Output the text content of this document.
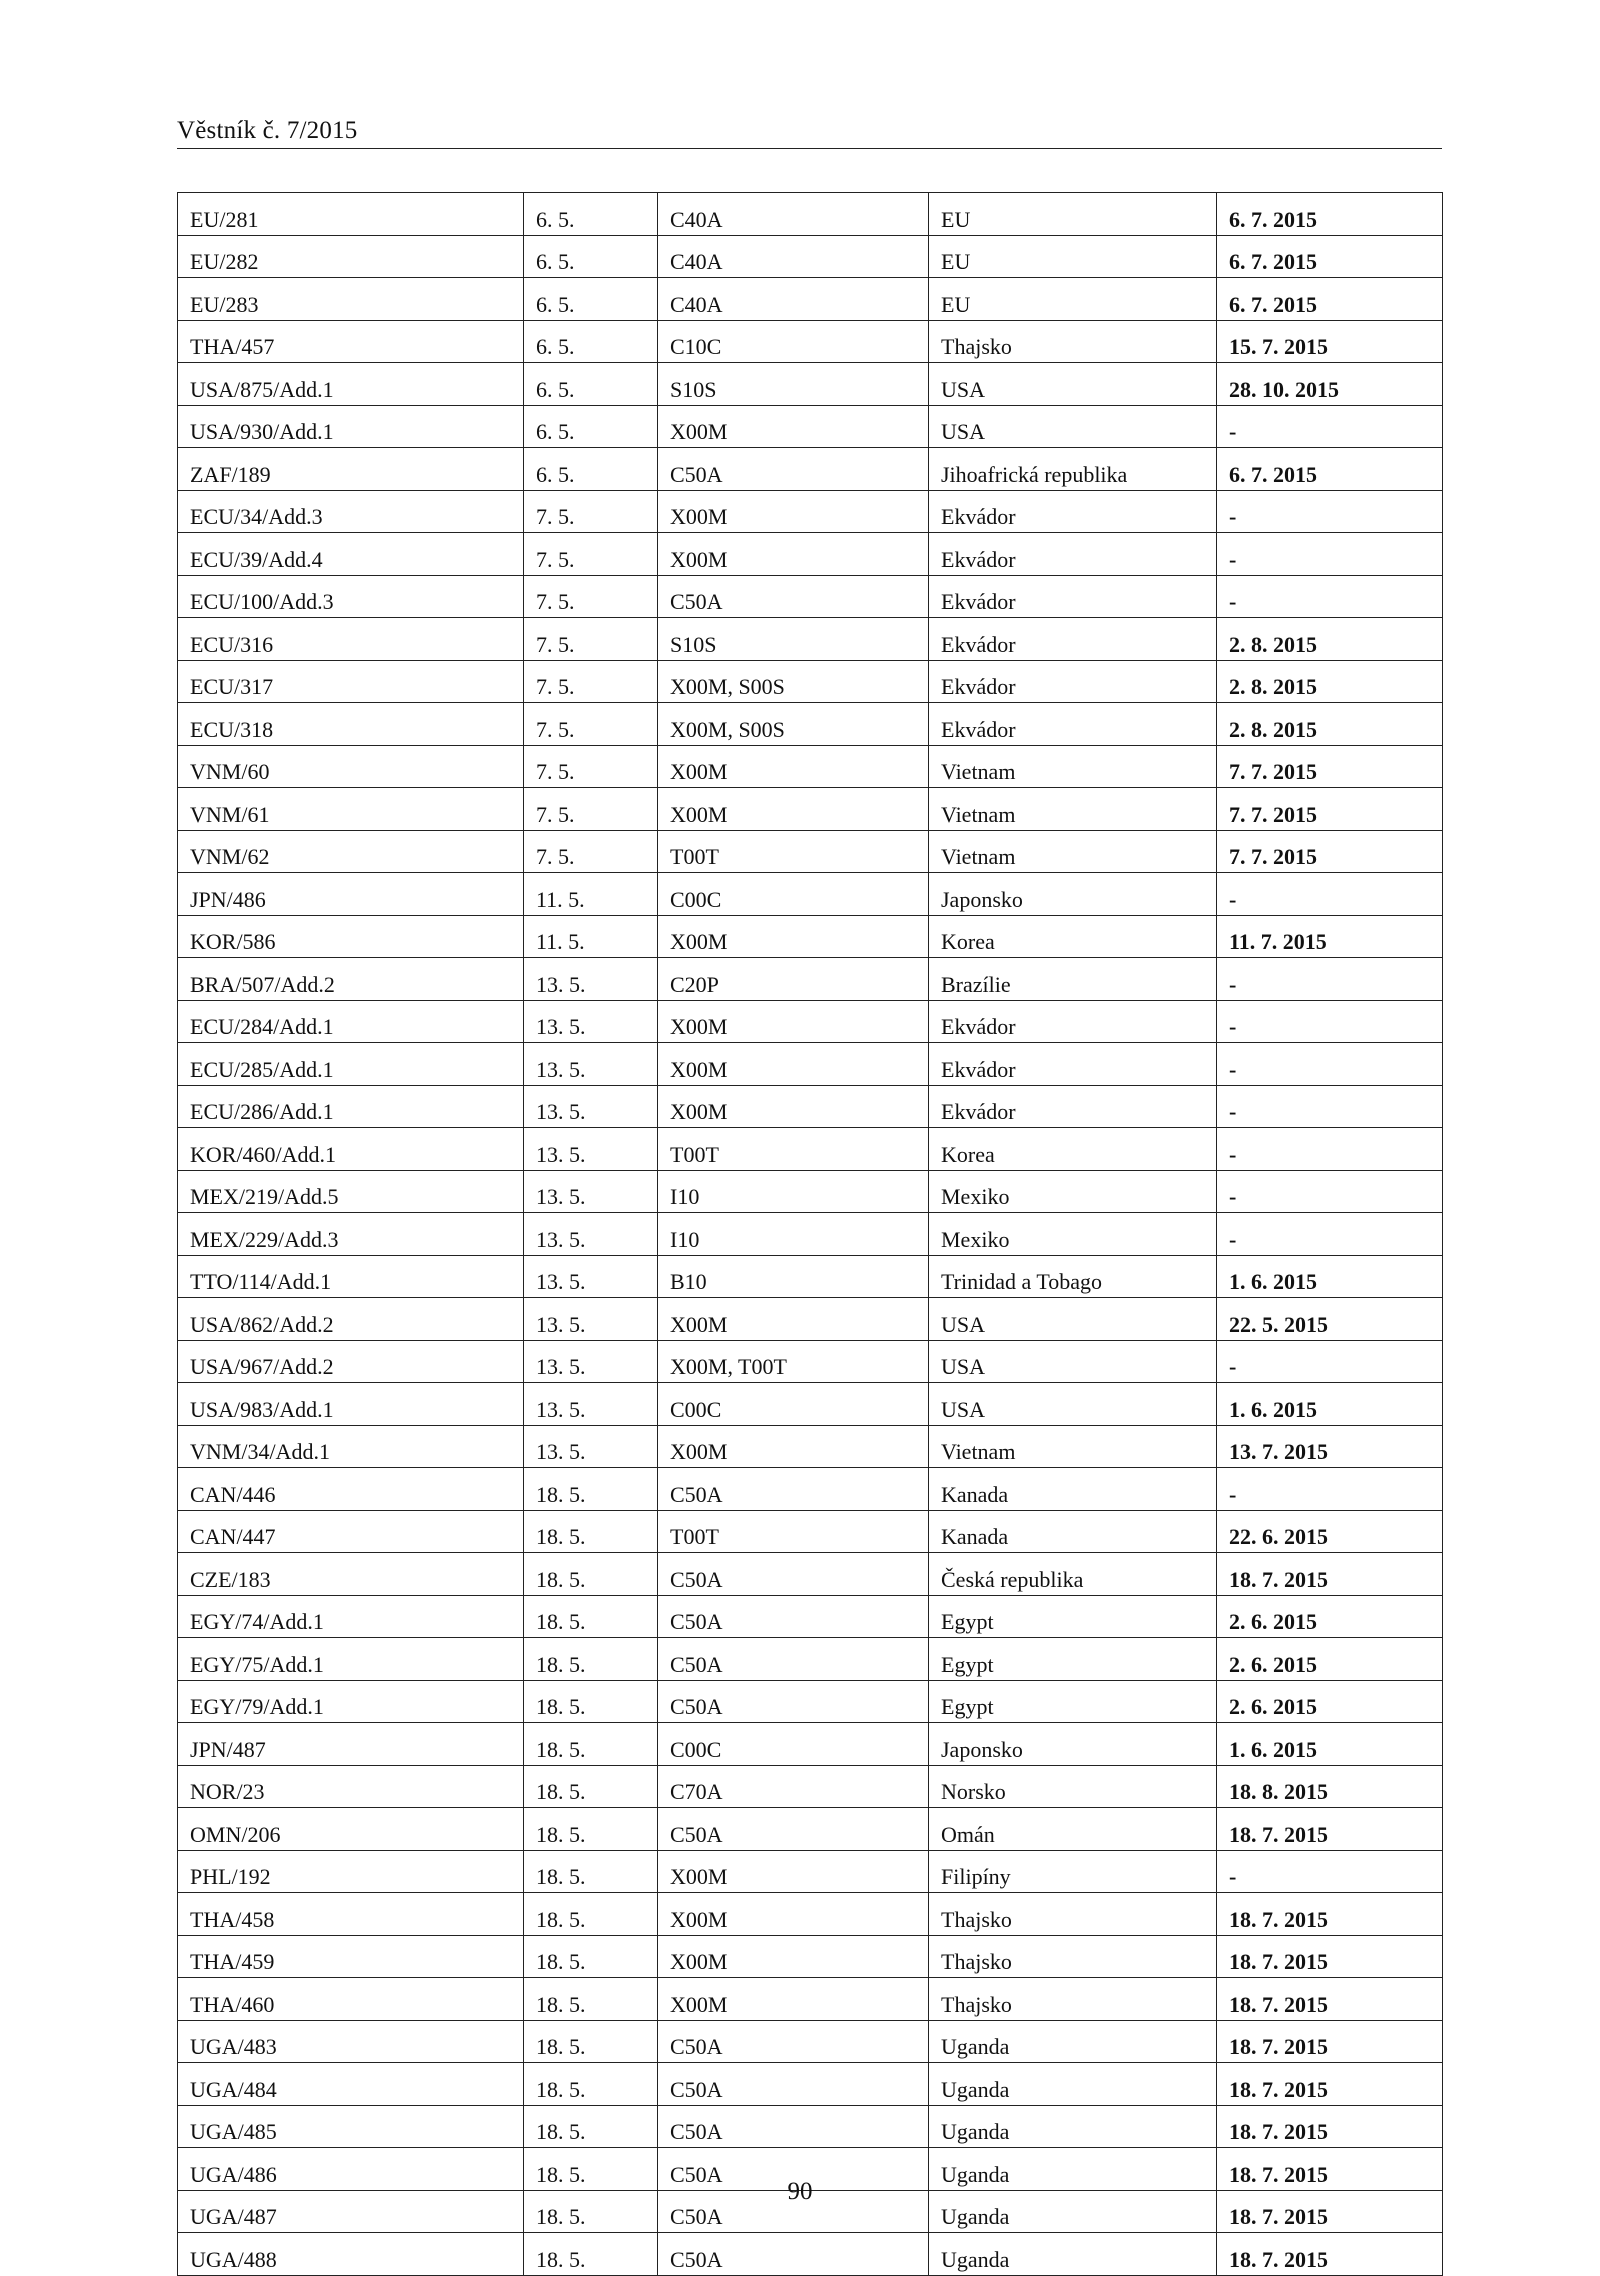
Věstník č. 7/2015
EU/281	6. 5.	C40A	EU	6. 7. 2015
EU/282	6. 5.	C40A	EU	6. 7. 2015
EU/283	6. 5.	C40A	EU	6. 7. 2015
THA/457	6. 5.	C10C	Thajsko	15. 7. 2015
USA/875/Add.1	6. 5.	S10S	USA	28. 10. 2015
USA/930/Add.1	6. 5.	X00M	USA	-
ZAF/189	6. 5.	C50A	Jihoafrická republika	6. 7. 2015
ECU/34/Add.3	7. 5.	X00M	Ekvádor	-
ECU/39/Add.4	7. 5.	X00M	Ekvádor	-
ECU/100/Add.3	7. 5.	C50A	Ekvádor	-
ECU/316	7. 5.	S10S	Ekvádor	2. 8. 2015
ECU/317	7. 5.	X00M, S00S	Ekvádor	2. 8. 2015
ECU/318	7. 5.	X00M, S00S	Ekvádor	2. 8. 2015
VNM/60	7. 5.	X00M	Vietnam	7. 7. 2015
VNM/61	7. 5.	X00M	Vietnam	7. 7. 2015
VNM/62	7. 5.	T00T	Vietnam	7. 7. 2015
JPN/486	11. 5.	C00C	Japonsko	-
KOR/586	11. 5.	X00M	Korea	11. 7. 2015
BRA/507/Add.2	13. 5.	C20P	Brazílie	-
ECU/284/Add.1	13. 5.	X00M	Ekvádor	-
ECU/285/Add.1	13. 5.	X00M	Ekvádor	-
ECU/286/Add.1	13. 5.	X00M	Ekvádor	-
KOR/460/Add.1	13. 5.	T00T	Korea	-
MEX/219/Add.5	13. 5.	I10	Mexiko	-
MEX/229/Add.3	13. 5.	I10	Mexiko	-
TTO/114/Add.1	13. 5.	B10	Trinidad a Tobago	1. 6. 2015
USA/862/Add.2	13. 5.	X00M	USA	22. 5. 2015
USA/967/Add.2	13. 5.	X00M, T00T	USA	-
USA/983/Add.1	13. 5.	C00C	USA	1. 6. 2015
VNM/34/Add.1	13. 5.	X00M	Vietnam	13. 7. 2015
CAN/446	18. 5.	C50A	Kanada	-
CAN/447	18. 5.	T00T	Kanada	22. 6. 2015
CZE/183	18. 5.	C50A	Česká republika	18. 7. 2015
EGY/74/Add.1	18. 5.	C50A	Egypt	2. 6. 2015
EGY/75/Add.1	18. 5.	C50A	Egypt	2. 6. 2015
EGY/79/Add.1	18. 5.	C50A	Egypt	2. 6. 2015
JPN/487	18. 5.	C00C	Japonsko	1. 6. 2015
NOR/23	18. 5.	C70A	Norsko	18. 8. 2015
OMN/206	18. 5.	C50A	Omán	18. 7. 2015
PHL/192	18. 5.	X00M	Filipíny	-
THA/458	18. 5.	X00M	Thajsko	18. 7. 2015
THA/459	18. 5.	X00M	Thajsko	18. 7. 2015
THA/460	18. 5.	X00M	Thajsko	18. 7. 2015
UGA/483	18. 5.	C50A	Uganda	18. 7. 2015
UGA/484	18. 5.	C50A	Uganda	18. 7. 2015
UGA/485	18. 5.	C50A	Uganda	18. 7. 2015
UGA/486	18. 5.	C50A	Uganda	18. 7. 2015
UGA/487	18. 5.	C50A	Uganda	18. 7. 2015
UGA/488	18. 5.	C50A	Uganda	18. 7. 2015
90
